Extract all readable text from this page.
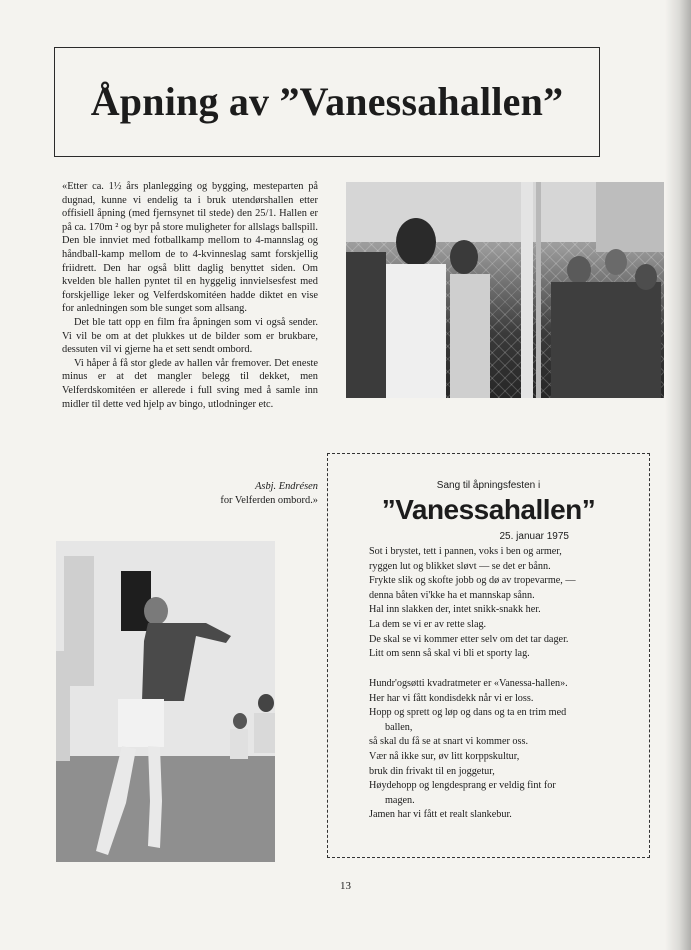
Åpning av ”Vanessahallen”

«Etter ca. 1½ års planlegging og bygging, mesteparten på dugnad, kunne vi endelig ta i bruk utendørshallen etter offisiell åpning (med fjernsynet til stede) den 25/1. Hallen er på ca. 170m ² og byr på store muligheter for allslags ballspill. Den ble innviet med fotballkamp mellom to 4-mannslag og håndball-kamp mellom de to 4-kvinneslag samt forskjellig friidrett. Den har også blitt daglig benyttet siden. Om kvelden ble hallen pyntet til en hyggelig innvielsesfest med forskjellige leker og Velferdskomitéen hadde diktet en vise for anledningen som ble sunget som allsang.

Det ble tatt opp en film fra åpningen som vi også sender. Vi vil be om at det plukkes ut de bilder som er brukbare, dessuten vil vi gjerne ha et sett sendt ombord.

Vi håper å få stor glede av hallen vår fremover. Det eneste minus er at det mangler belegg til dekket, men Velferdskomitéen er allerede i full sving med å samle inn midler til dette ved hjelp av bingo, utlodninger etc.

Asbj. Endrésen
for Velferden ombord.»
Sang til åpningsfesten i
”Vanessahallen”
25. januar 1975
Sot i brystet, tett i pannen, voks i ben og armer,
ryggen lut og blikket sløvt — se det er bånn.
Frykte slik og skofte jobb og dø av tropevarme, —
denna båten vi'kke ha et mannskap sånn.
Hal inn slakken der, intet snikk-snakk her.
La dem se vi er av rette slag.
De skal se vi kommer etter selv om det tar dager.
Litt om senn så skal vi bli et sporty lag.
Hundr'ogsøtti kvadratmeter er «Vanessa-hallen».
Her har vi fått kondisdekk når vi er loss.
Hopp og sprett og løp og dans og ta en trim med
ballen,
så skal du få se at snart vi kommer oss.
Vær nå ikke sur, øv litt korppskultur,
bruk din frivakt til en joggetur,
Høydehopp og lengdesprang er veldig fint for
magen.
Jamen har vi fått et realt slankebur.
13
